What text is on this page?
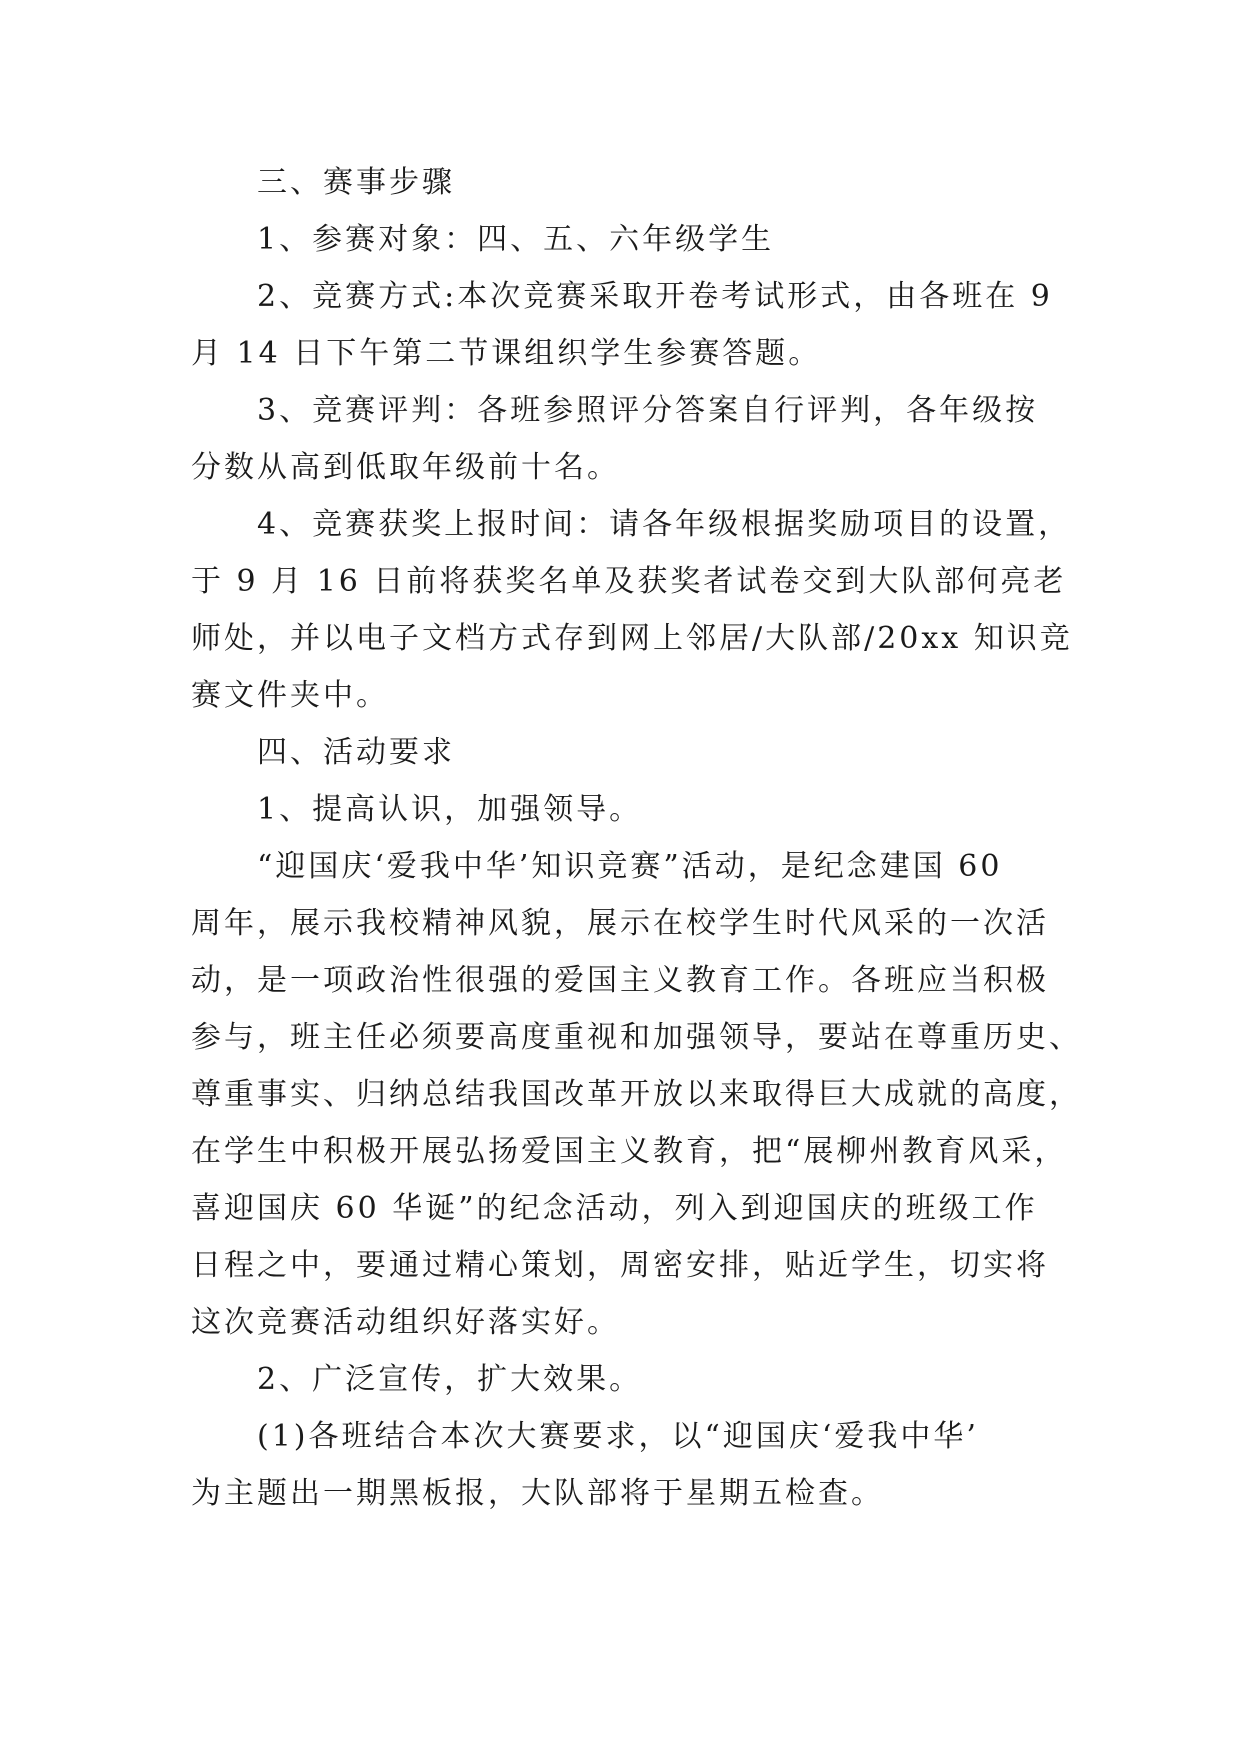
三、赛事步骤
1、参赛对象：四、五、六年级学生
2、竞赛方式:本次竞赛采取开卷考试形式，由各班在 9
月 14 日下午第二节课组织学生参赛答题。
3、竞赛评判：各班参照评分答案自行评判，各年级按
分数从高到低取年级前十名。
4、竞赛获奖上报时间：请各年级根据奖励项目的设置，
于 9 月 16 日前将获奖名单及获奖者试卷交到大队部何亮老
师处，并以电子文档方式存到网上邻居/大队部/20xx 知识竞
赛文件夹中。
四、活动要求
1、提高认识，加强领导。
“迎国庆‘爱我中华’知识竞赛”活动，是纪念建国 60
周年，展示我校精神风貌，展示在校学生时代风采的一次活
动，是一项政治性很强的爱国主义教育工作。各班应当积极
参与，班主任必须要高度重视和加强领导，要站在尊重历史、
尊重事实、归纳总结我国改革开放以来取得巨大成就的高度，
在学生中积极开展弘扬爱国主义教育，把“展柳州教育风采，
喜迎国庆 60 华诞”的纪念活动，列入到迎国庆的班级工作
日程之中，要通过精心策划，周密安排，贴近学生，切实将
这次竞赛活动组织好落实好。
2、广泛宣传，扩大效果。
(1)各班结合本次大赛要求，以“迎国庆‘爱我中华’
为主题出一期黑板报，大队部将于星期五检查。
